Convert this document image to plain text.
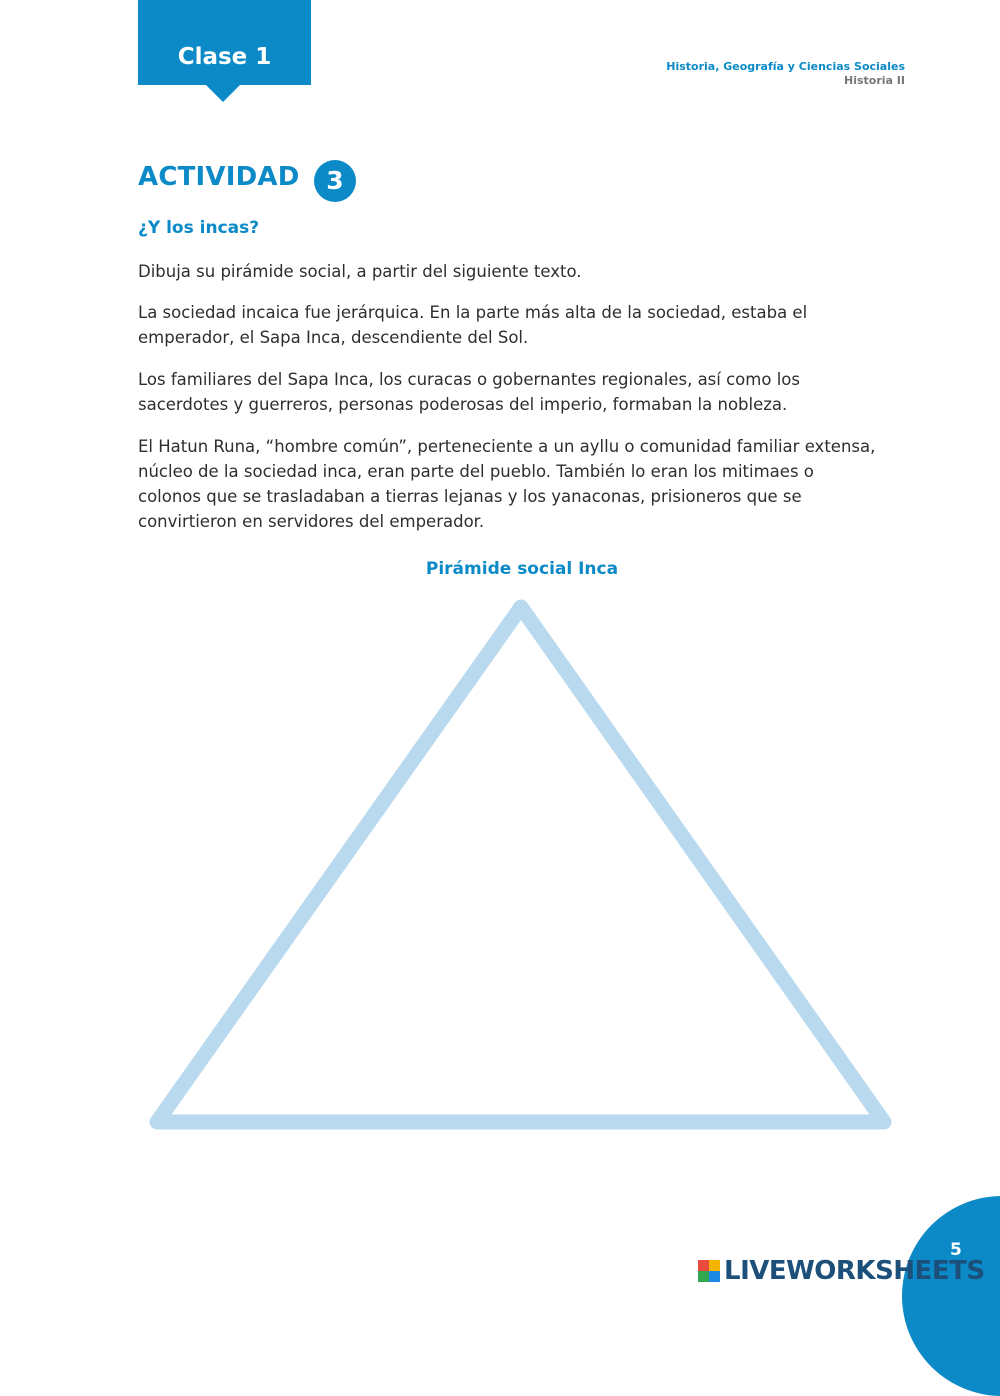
Clase 1	Historia, Geografía y Ciencias Sociales
Historia II
ACTIVIDAD	3
¿Y los incas?

Dibuja su pirámide social, a partir del siguiente texto.

La sociedad incaica fue jerárquica. En la parte más alta de la sociedad, estaba el emperador, el Sapa Inca, descendiente del Sol.

Los familiares del Sapa Inca, los curacas o gobernantes regionales, así como los sacerdotes y guerreros, personas poderosas del imperio, formaban la nobleza.

El Hatun Runa, “hombre común”, perteneciente a un ayllu o comunidad familiar extensa, núcleo de la sociedad inca, eran parte del pueblo. También lo eran los mitimaes o colonos que se trasladaban a tierras lejanas y los yanaconas, prisioneros que se convirtieron en servidores del emperador.

Pirámide social Inca
5
LIVEWORKSHEETS
